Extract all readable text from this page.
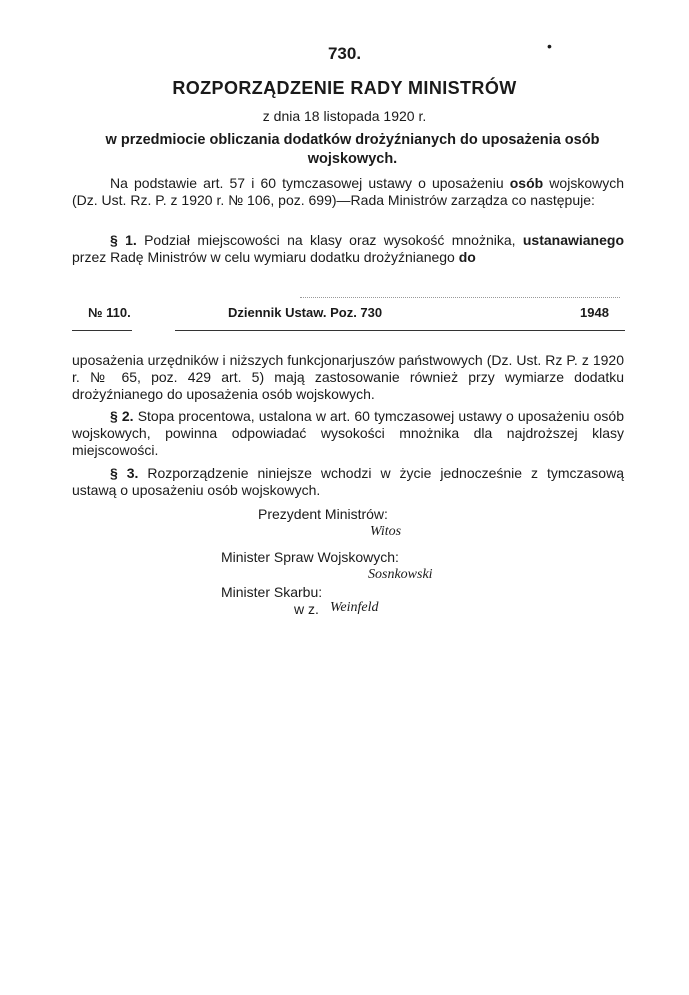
730.	•
ROZPORZĄDZENIE RADY MINISTRÓW
z dnia 18 listopada 1920 r.
w przedmiocie obliczania dodatków drożyźnianych do uposażenia osób wojskowych.

Na podstawie art. 57 i 60 tymczasowej ustawy o uposażeniu osób wojskowych (Dz. Ust. Rz. P. z 1920 r. № 106, poz. 699)—Rada Ministrów zarządza co następuje:

§ 1. Podział miejscowości na klasy oraz wysokość mnożnika, ustanawianego przez Radę Ministrów w celu wymiaru dodatku drożyźnianego do

№ 110.	Dziennik Ustaw. Poz. 730	1948

uposażenia urzędników i niższych funkcjonarjuszów państwowych (Dz. Ust. Rz P. z 1920 r. № 65, poz. 429 art. 5) mają zastosowanie również przy wymiarze dodatku drożyźnianego do uposażenia osób wojskowych.

§ 2. Stopa procentowa, ustalona w art. 60 tymczasowej ustawy o uposażeniu osób wojskowych, powinna odpowiadać wysokości mnożnika dla najdroższej klasy miejscowości.

§ 3. Rozporządzenie niniejsze wchodzi w życie jednocześnie z tymczasową ustawą o uposażeniu osób wojskowych.

Prezydent Ministrów:
Witos
Minister Spraw Wojskowych:
Sosnkowski
Minister Skarbu:
w z. Weinfeld
